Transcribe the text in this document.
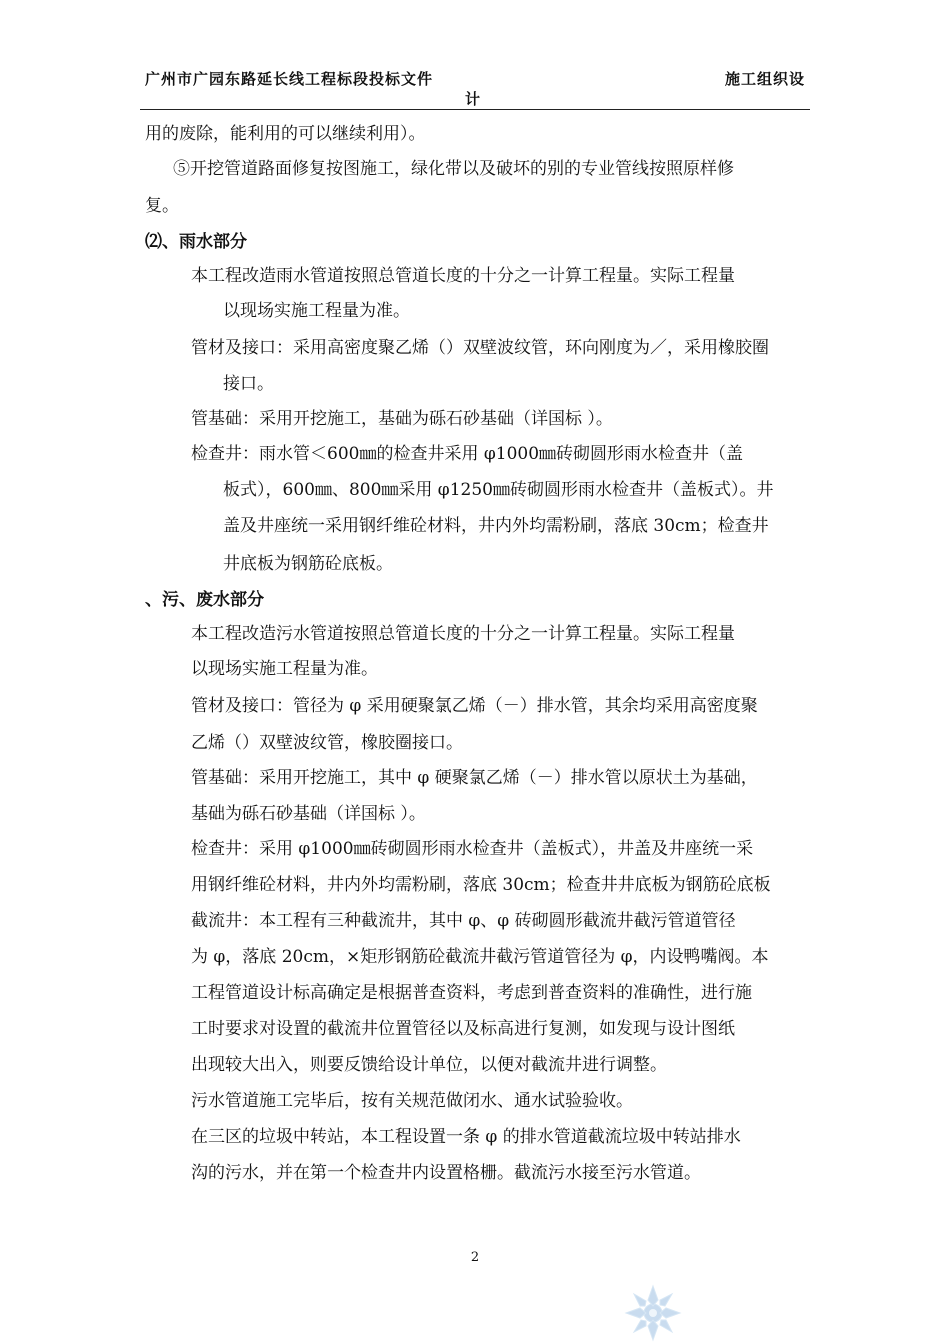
广州市广园东路延长线工程标段投标文件
计
施工组织设
用的废除，能利用的可以继续利用）。
⑤开挖管道路面修复按图施工，绿化带以及破坏的别的专业管线按照原样修
复。
⑵、雨水部分
本工程改造雨水管道按照总管道长度的十分之一计算工程量。实际工程量
以现场实施工程量为准。
管材及接口：采用高密度聚乙烯（）双壁波纹管，环向刚度为／，采用橡胶圈
接口。
管基础：采用开挖施工，基础为砾石砂基础（详国标 ）。
检查井：雨水管＜600㎜的检查井采用 φ1000㎜砖砌圆形雨水检查井（盖
板式），600㎜、800㎜采用 φ1250㎜砖砌圆形雨水检查井（盖板式）。井
盖及井座统一采用钢纤维砼材料，井内外均需粉刷，落底 30cm；检查井
井底板为钢筋砼底板。
、污、废水部分
本工程改造污水管道按照总管道长度的十分之一计算工程量。实际工程量
以现场实施工程量为准。
管材及接口：管径为 φ 采用硬聚氯乙烯（－）排水管，其余均采用高密度聚
乙烯（）双壁波纹管，橡胶圈接口。
管基础：采用开挖施工，其中 φ 硬聚氯乙烯（－）排水管以原状土为基础，
基础为砾石砂基础（详国标 ）。
检查井：采用 φ1000㎜砖砌圆形雨水检查井（盖板式），井盖及井座统一采
用钢纤维砼材料，井内外均需粉刷，落底 30cm；检查井井底板为钢筋砼底板
截流井：本工程有三种截流井，其中 φ、φ 砖砌圆形截流井截污管道管径
为 φ，落底 20cm，×矩形钢筋砼截流井截污管道管径为 φ，内设鸭嘴阀。本
工程管道设计标高确定是根据普查资料，考虑到普查资料的准确性，进行施
工时要求对设置的截流井位置管径以及标高进行复测，如发现与设计图纸
出现较大出入，则要反馈给设计单位，以便对截流井进行调整。
污水管道施工完毕后，按有关规范做闭水、通水试验验收。
在三区的垃圾中转站，本工程设置一条 φ 的排水管道截流垃圾中转站排水
沟的污水，并在第一个检查井内设置格栅。截流污水接至污水管道。
2
